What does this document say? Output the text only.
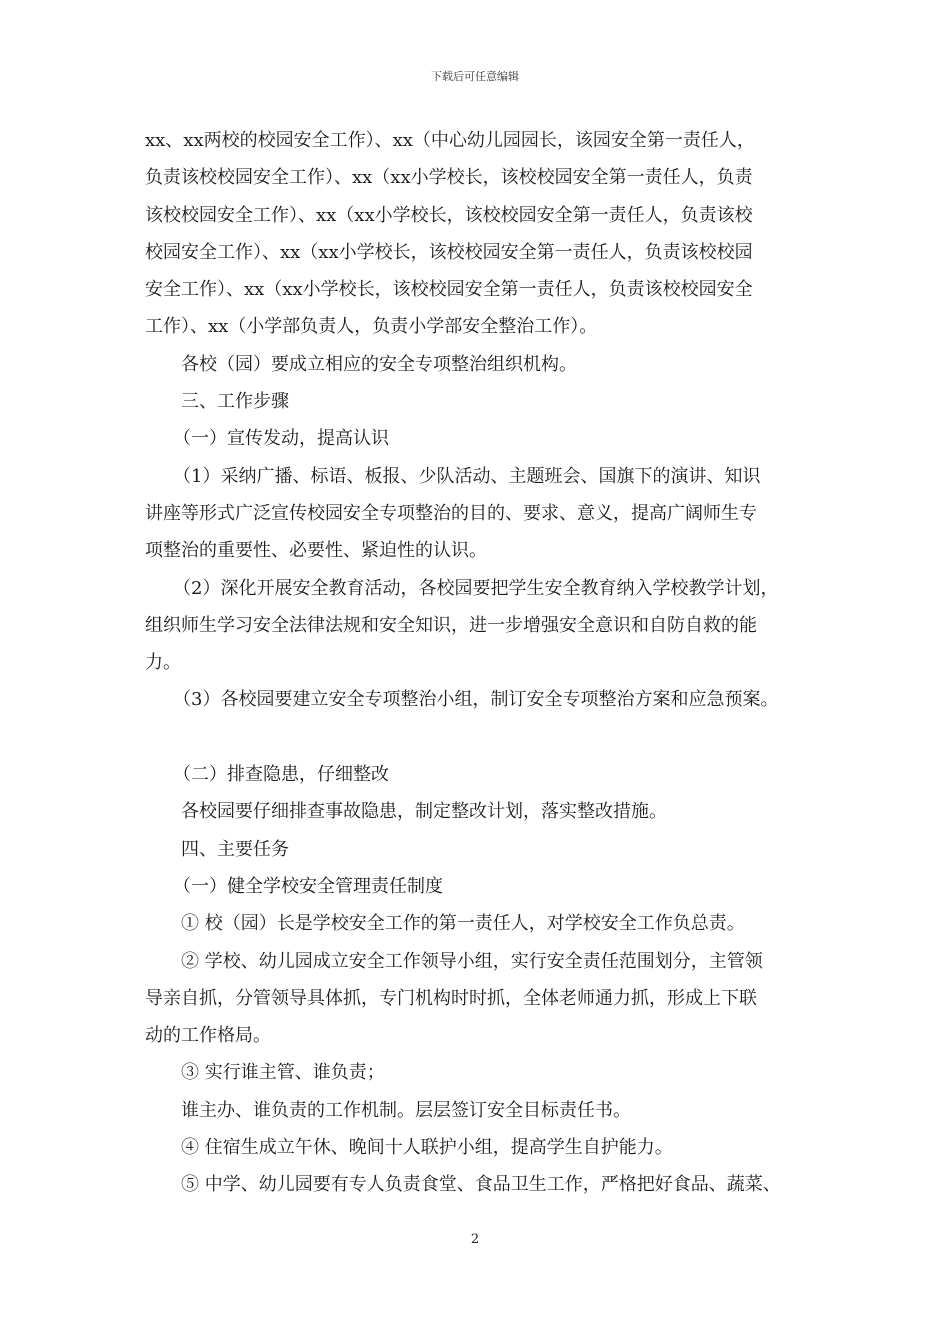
下载后可任意编辑
xx、xx两校的校园安全工作）、xx（中心幼儿园园长，该园安全第一责任人，
负责该校校园安全工作）、xx（xx小学校长，该校校园安全第一责任人，负责
该校校园安全工作）、xx（xx小学校长，该校校园安全第一责任人，负责该校
校园安全工作）、xx（xx小学校长，该校校园安全第一责任人，负责该校校园
安全工作）、xx（xx小学校长，该校校园安全第一责任人，负责该校校园安全
工作）、xx（小学部负责人，负责小学部安全整治工作）。
各校（园）要成立相应的安全专项整治组织机构。
三、工作步骤
（一）宣传发动，提高认识
（1）采纳广播、标语、板报、少队活动、主题班会、国旗下的演讲、知识
讲座等形式广泛宣传校园安全专项整治的目的、要求、意义，提高广阔师生专
项整治的重要性、必要性、紧迫性的认识。
（2）深化开展安全教育活动，各校园要把学生安全教育纳入学校教学计划，
组织师生学习安全法律法规和安全知识，进一步增强安全意识和自防自救的能
力。
（3）各校园要建立安全专项整治小组，制订安全专项整治方案和应急预案。
（二）排查隐患，仔细整改
各校园要仔细排查事故隐患，制定整改计划，落实整改措施。
四、主要任务
（一）健全学校安全管理责任制度
① 校（园）长是学校安全工作的第一责任人，对学校安全工作负总责。
② 学校、幼儿园成立安全工作领导小组，实行安全责任范围划分，主管领
导亲自抓，分管领导具体抓，专门机构时时抓，全体老师通力抓，形成上下联
动的工作格局。
③ 实行谁主管、谁负责；
谁主办、谁负责的工作机制。层层签订安全目标责任书。
④ 住宿生成立午休、晚间十人联护小组，提高学生自护能力。
⑤ 中学、幼儿园要有专人负责食堂、食品卫生工作，严格把好食品、蔬菜、
2
